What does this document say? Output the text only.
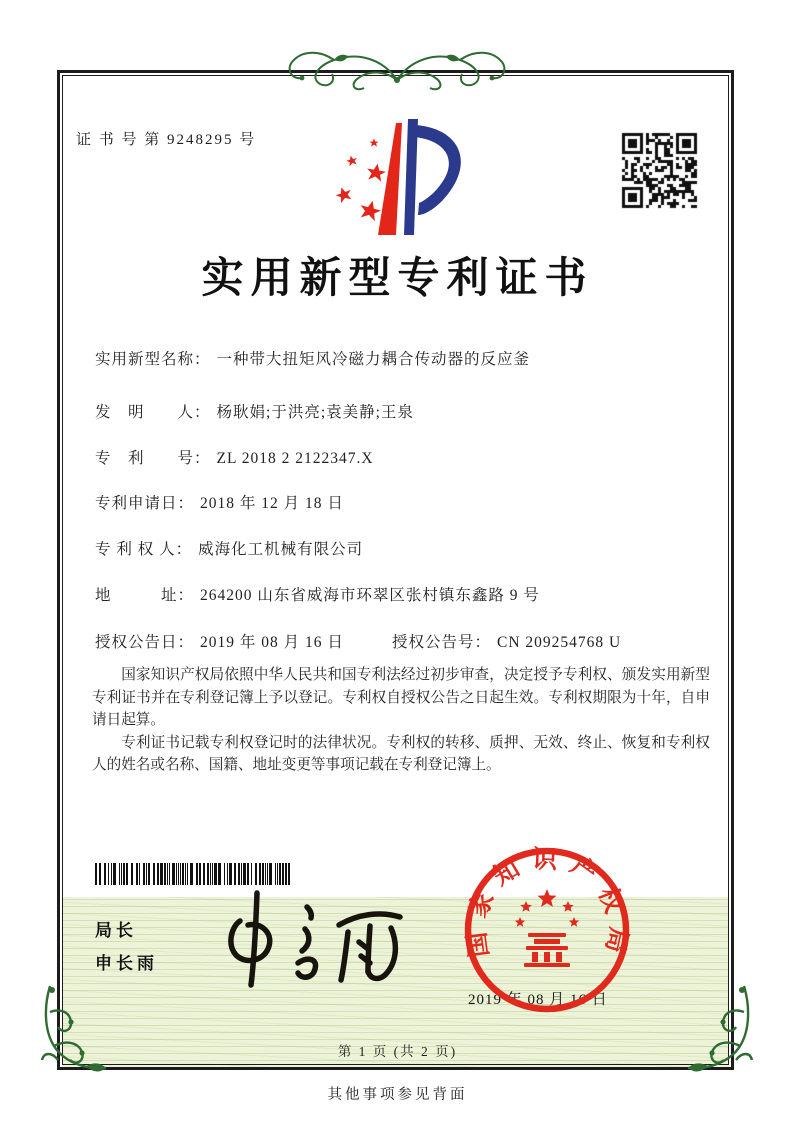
证 书 号 第 9248295 号
实用新型专利证书
实用新型名称： 一种带大扭矩风冷磁力耦合传动器的反应釜
发　明　　人： 杨耿娟;于洪亮;袁美静;王泉
专　利　　号： ZL 2018 2 2122347.X
专利申请日： 2018 年 12 月 18 日
专 利 权 人： 威海化工机械有限公司
地　　　址： 264200 山东省威海市环翠区张村镇东鑫路 9 号
授权公告日： 2019 年 08 月 16 日	授权公告号： CN 209254768 U

国家知识产权局依照中华人民共和国专利法经过初步审查，决定授予专利权、颁发实用新型专利证书并在专利登记簿上予以登记。专利权自授权公告之日起生效。专利权期限为十年，自申请日起算。

专利证书记载专利权登记时的法律状况。专利权的转移、质押、无效、终止、恢复和专利权人的姓名或名称、国籍、地址变更等事项记载在专利登记簿上。

局长
申长雨
国家知识产权局
2019 年 08 月 16 日
第 1 页 (共 2 页)
其他事项参见背面
